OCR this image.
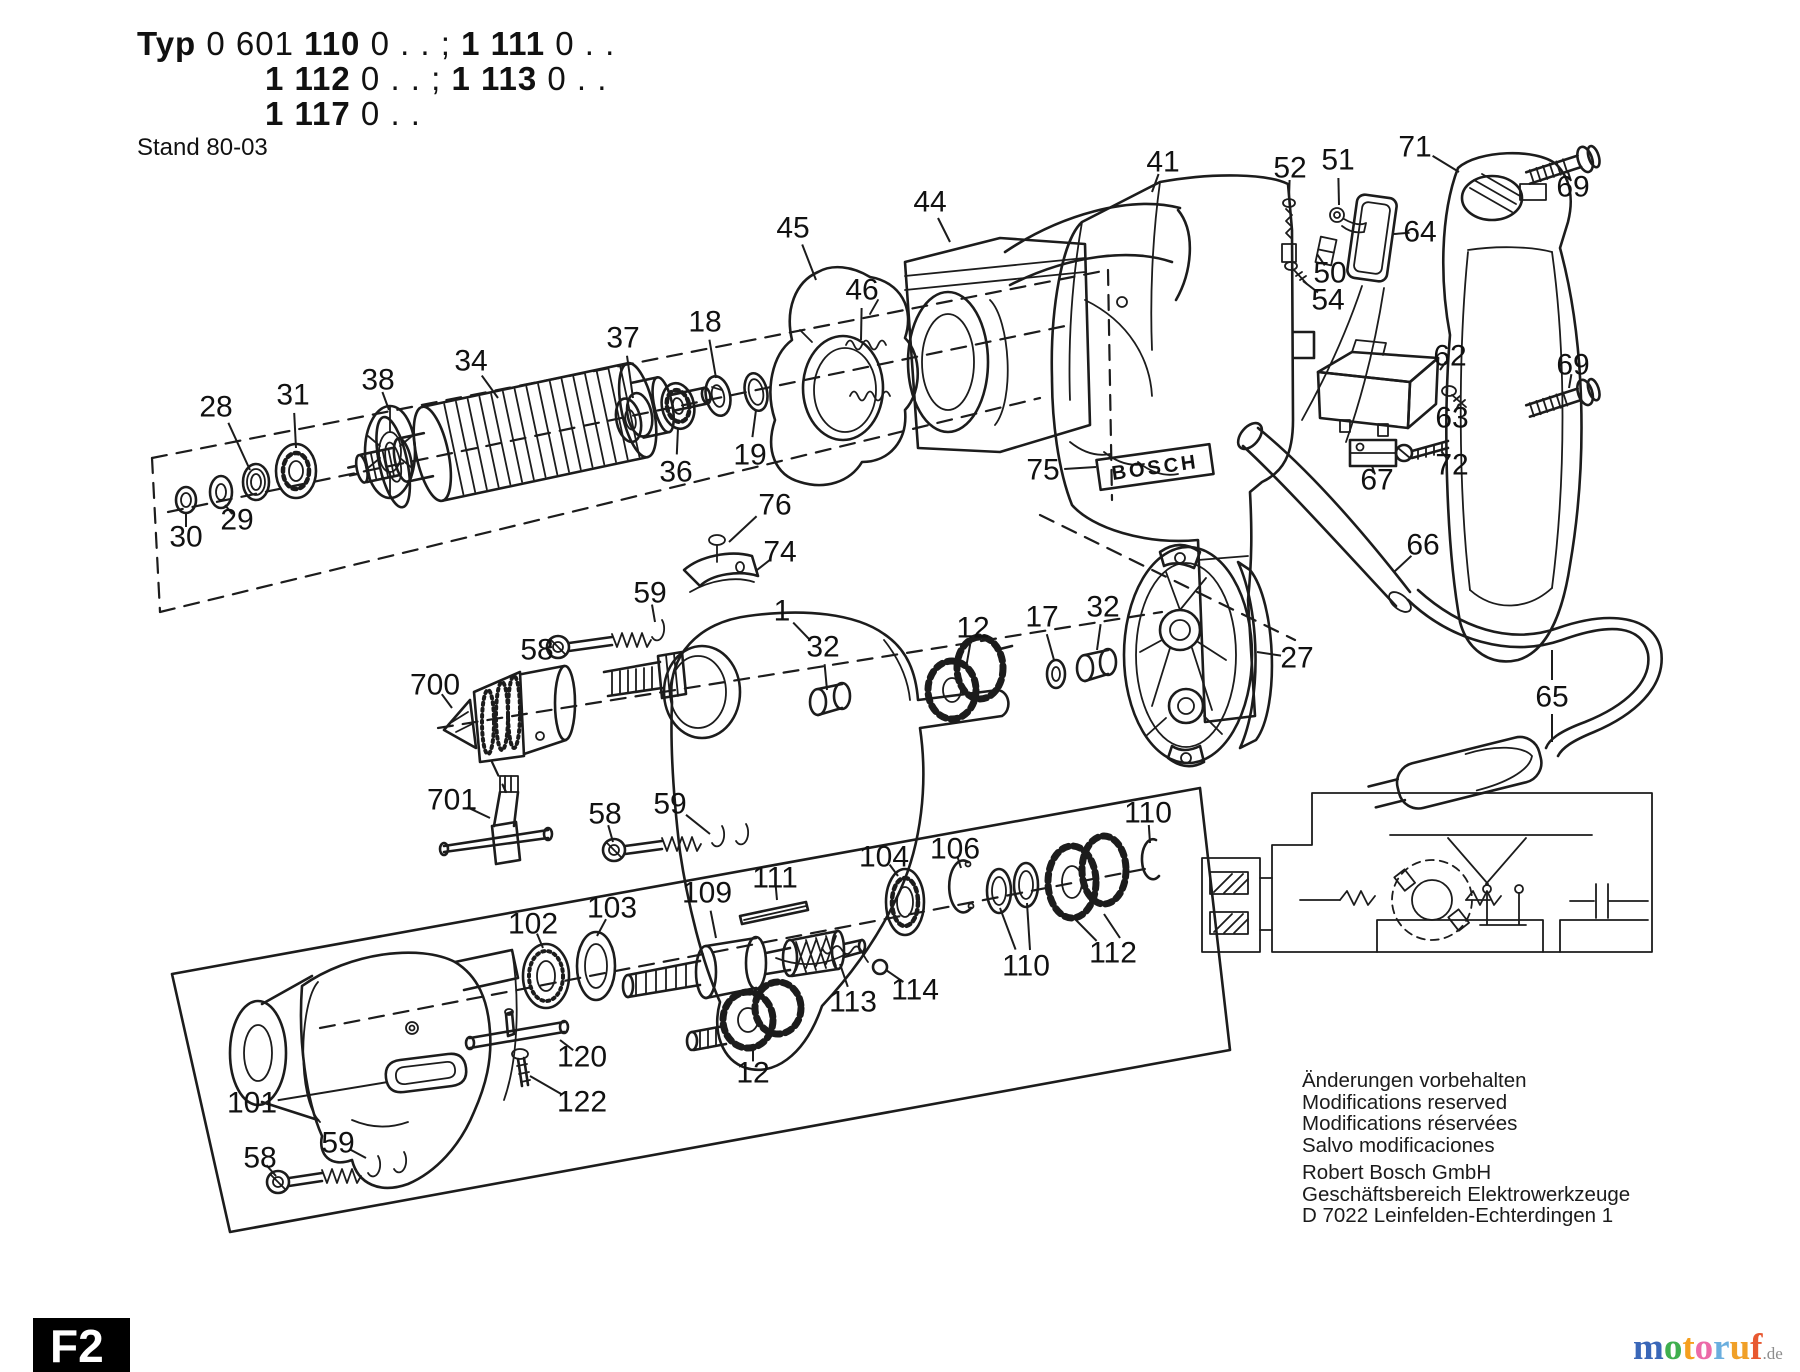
Typ 0 601 110 0 . . ; 1 111 0 . .
1 112 0 . . ; 1 113 0 . .
1 117 0 . .
Stand 80-03
BOSCH
28 31 38
34
37 18
30
29
36
19
45
46
44
41	52 51 71
69
64
50
54
62	69
63
72
67
75
66
65
76
74
59
58
1
700
32
12 17 32
27
701	58 59	110
106
104
111
109
103
102
110 112
113 114
12
120
122
101
58 59
F2
Änderungen vorbehalten
Modifications reserved
Modifications réservées
Salvo modificaciones
Robert Bosch GmbH
Geschäftsbereich Elektrowerkzeuge
D 7022 Leinfelden-Echterdingen 1
motoruf.de
